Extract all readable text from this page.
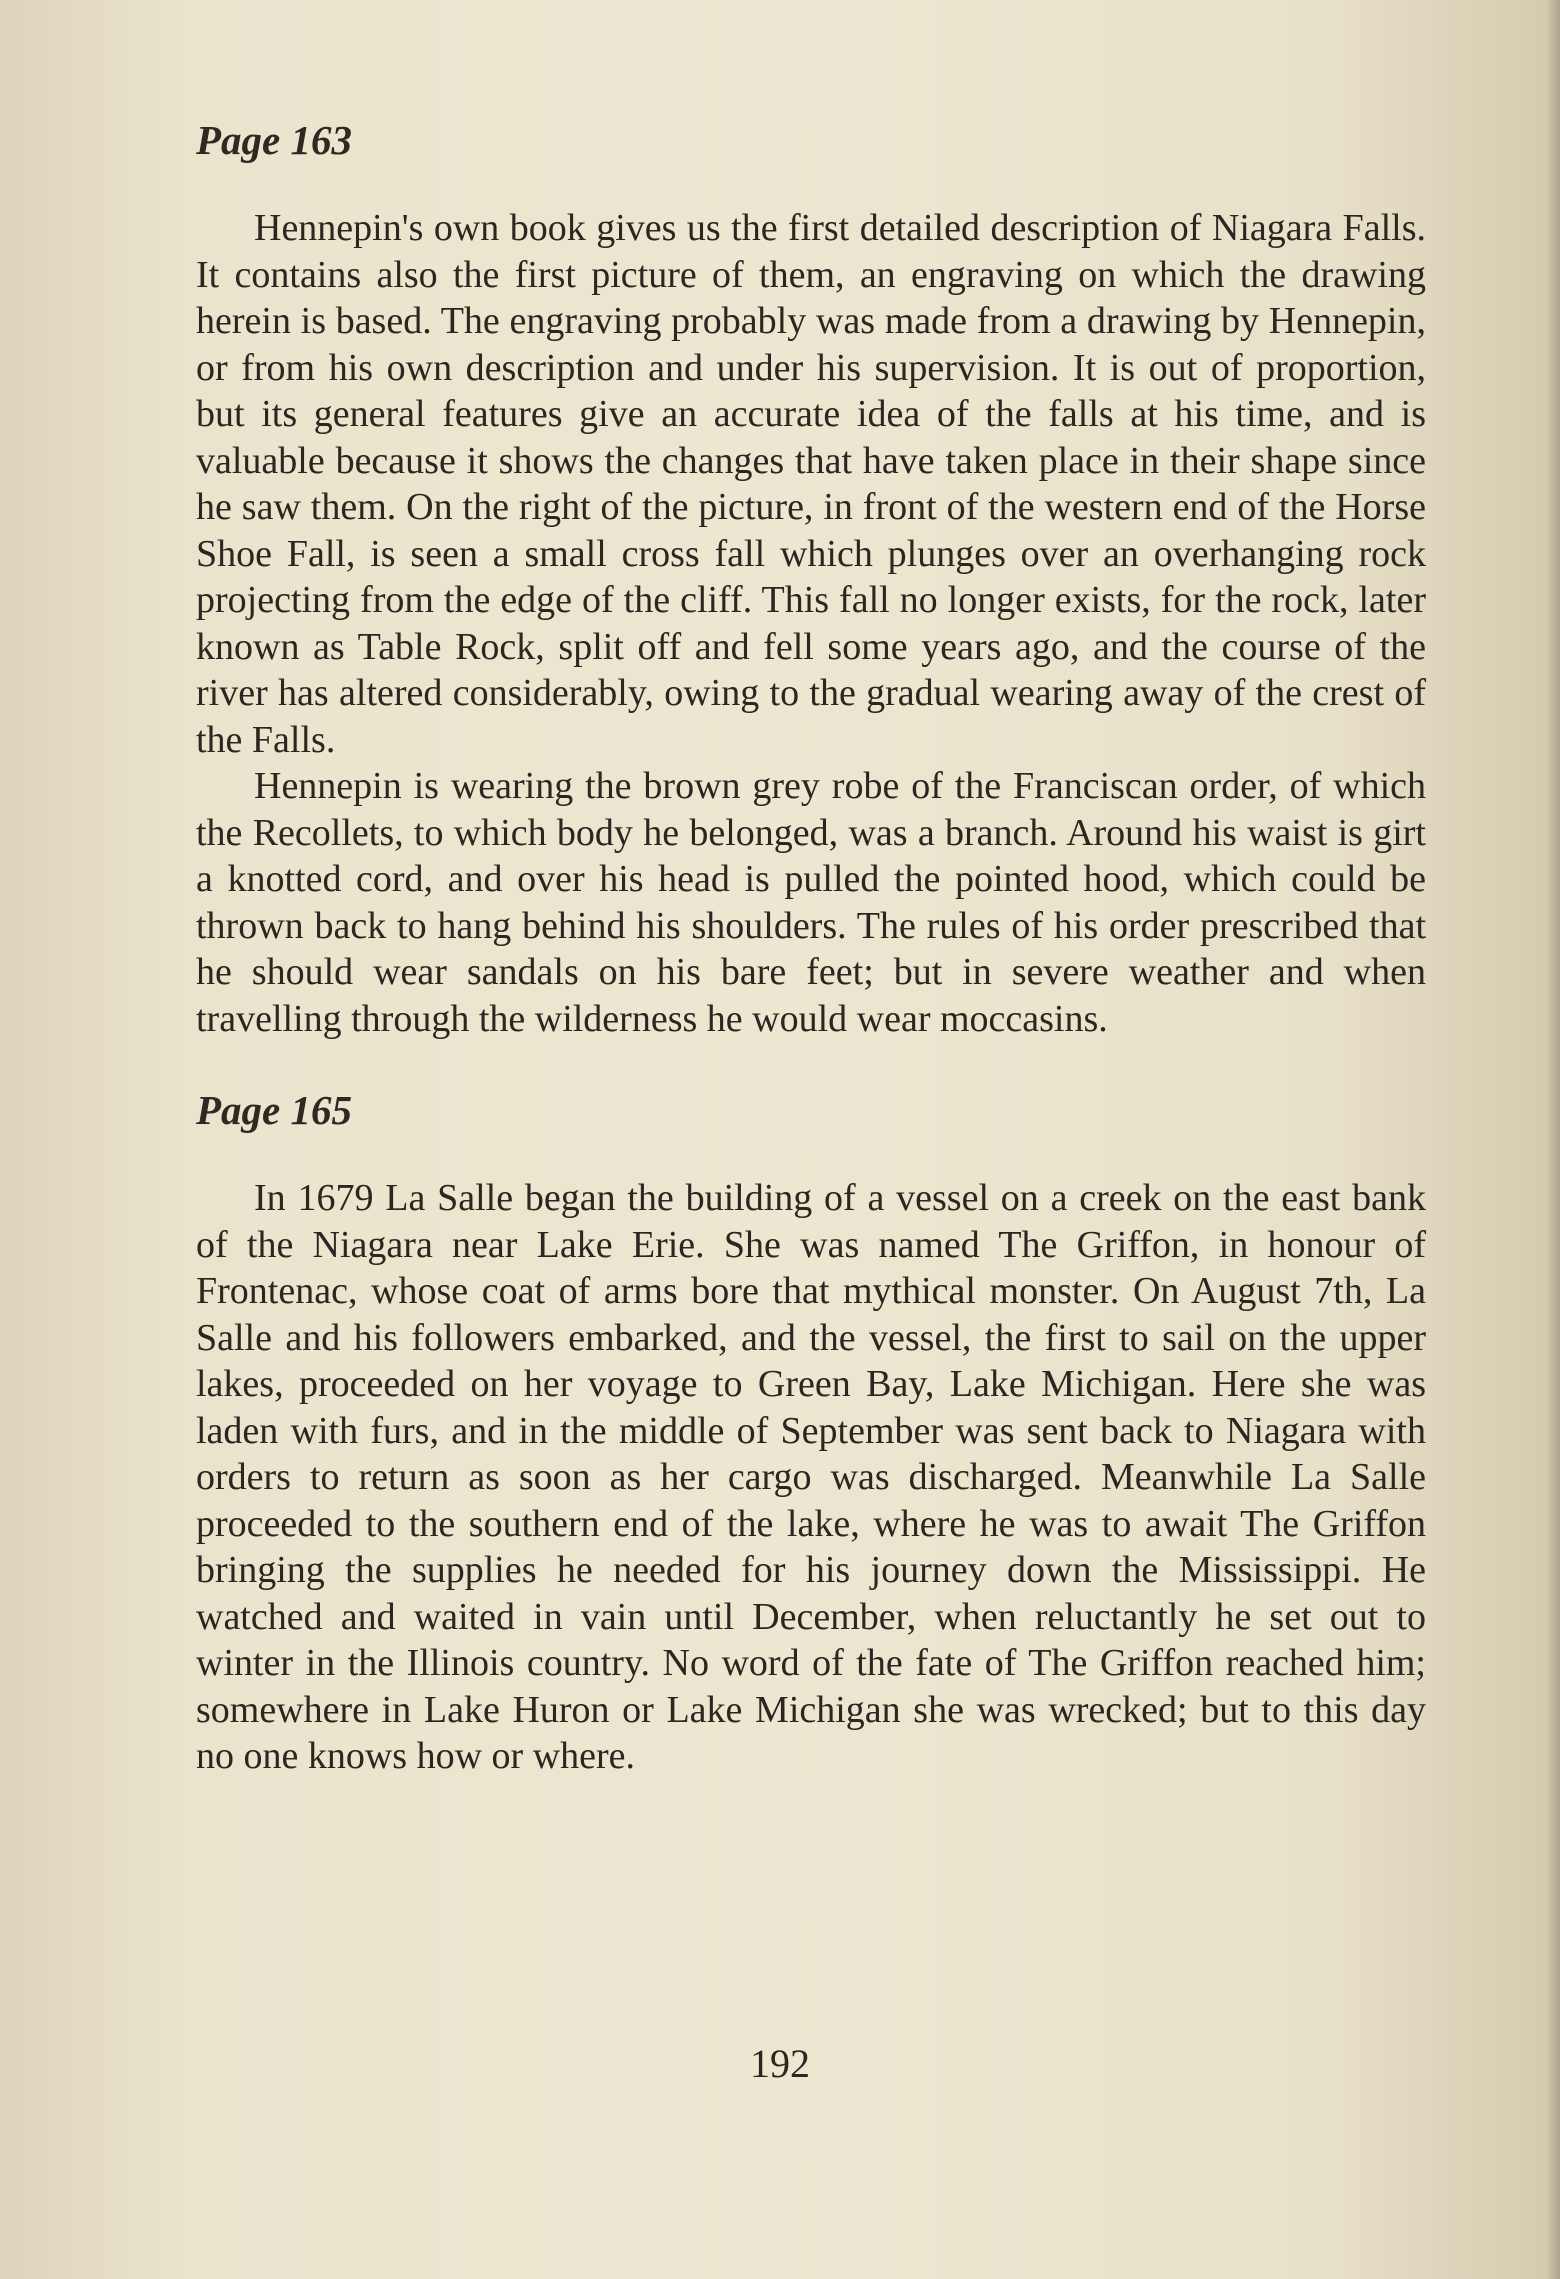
Page 163

Hennepin's own book gives us the first detailed description of Niagara Falls. It contains also the first picture of them, an engraving on which the drawing herein is based. The engraving probably was made from a drawing by Hennepin, or from his own description and under his supervision. It is out of proportion, but its general features give an accurate idea of the falls at his time, and is valuable because it shows the changes that have taken place in their shape since he saw them. On the right of the picture, in front of the western end of the Horse Shoe Fall, is seen a small cross fall which plunges over an overhanging rock projecting from the edge of the cliff. This fall no longer exists, for the rock, later known as Table Rock, split off and fell some years ago, and the course of the river has altered considerably, owing to the gradual wearing away of the crest of the Falls.

Hennepin is wearing the brown grey robe of the Franciscan order, of which the Recollets, to which body he belonged, was a branch. Around his waist is girt a knotted cord, and over his head is pulled the pointed hood, which could be thrown back to hang behind his shoulders. The rules of his order prescribed that he should wear sandals on his bare feet; but in severe weather and when travelling through the wilderness he would wear moccasins.

Page 165

In 1679 La Salle began the building of a vessel on a creek on the east bank of the Niagara near Lake Erie. She was named The Griffon, in honour of Frontenac, whose coat of arms bore that mythical monster. On August 7th, La Salle and his followers embarked, and the vessel, the first to sail on the upper lakes, proceeded on her voyage to Green Bay, Lake Michigan. Here she was laden with furs, and in the middle of September was sent back to Niagara with orders to return as soon as her cargo was discharged. Meanwhile La Salle proceeded to the southern end of the lake, where he was to await The Griffon bringing the supplies he needed for his journey down the Mississippi. He watched and waited in vain until December, when reluctantly he set out to winter in the Illinois country. No word of the fate of The Griffon reached him; somewhere in Lake Huron or Lake Michigan she was wrecked; but to this day no one knows how or where.

192
